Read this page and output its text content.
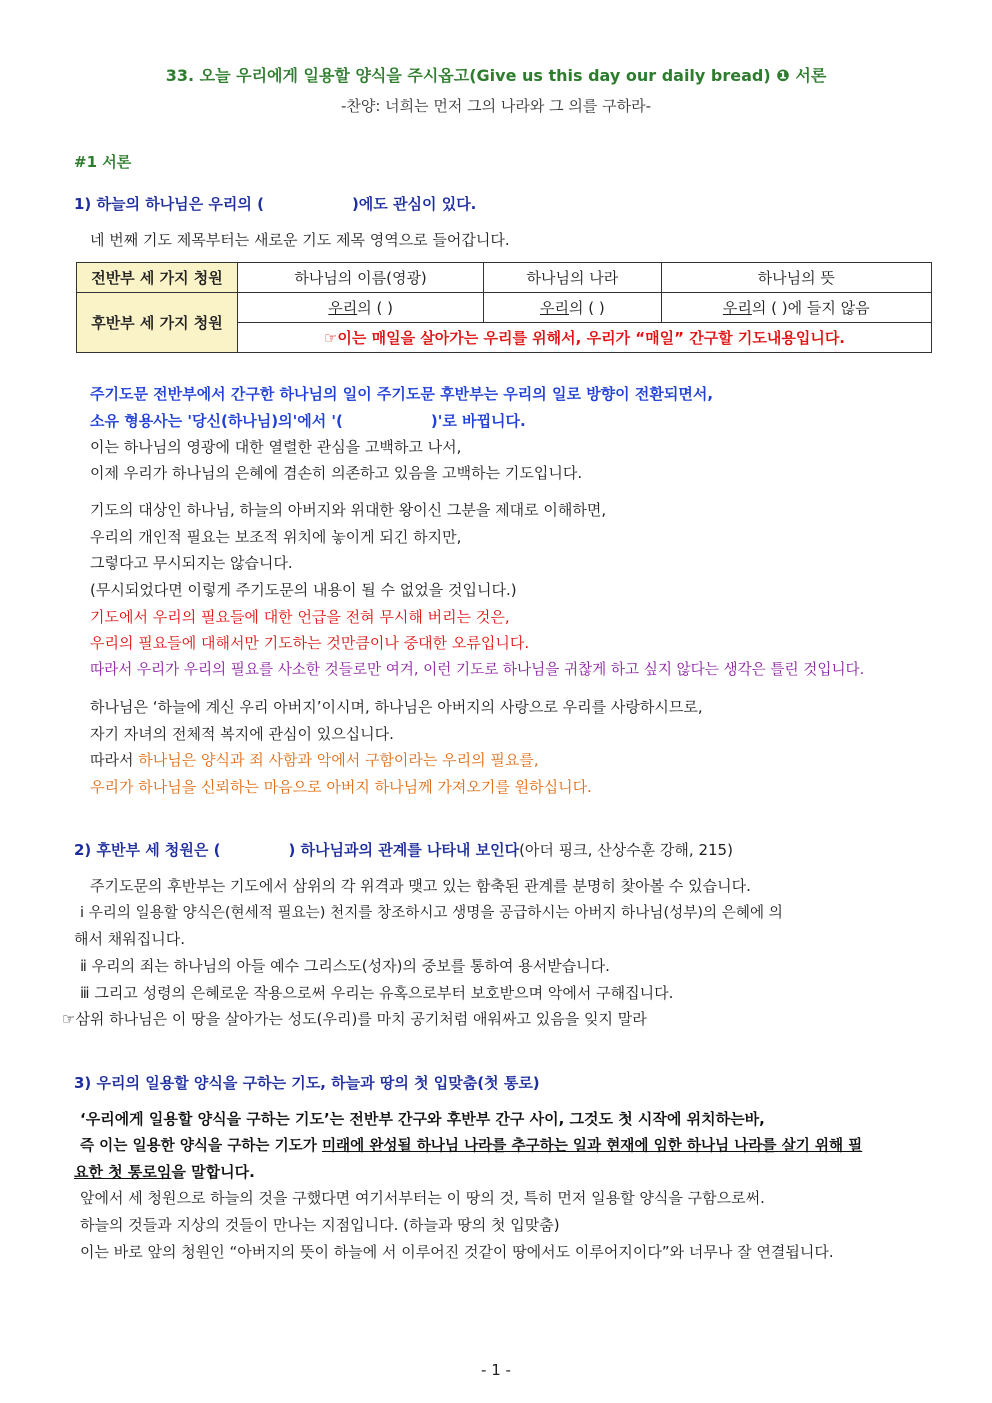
33. 오늘 우리에게 일용할 양식을 주시옵고(Give us this day our daily bread) ❶ 서론
-찬양: 너희는 먼저 그의 나라와 그 의를 구하라-
#1 서론
1) 하늘의 하나님은 우리의 (	)에도 관심이 있다.
네 번째 기도 제목부터는 새로운 기도 제목 영역으로 들어갑니다.
전반부 세 가지 청원	하나님의 이름(영광)	하나님의 나라	하나님의 뜻
후반부 세 가지 청원	우리의 ( )	우리의 ( )	우리의 ( )에 들지 않음
	☞이는 매일을 살아가는 우리를 위해서, 우리가 “매일” 간구할 기도내용입니다.		
주기도문 전반부에서 간구한 하나님의 일이 주기도문 후반부는 우리의 일로 방향이 전환되면서,
소유 형용사는 '당신(하나님)의'에서 '(	)'로 바뀝니다.
이는 하나님의 영광에 대한 열렬한 관심을 고백하고 나서,
이제 우리가 하나님의 은혜에 겸손히 의존하고 있음을 고백하는 기도입니다.
기도의 대상인 하나님, 하늘의 아버지와 위대한 왕이신 그분을 제대로 이해하면,
우리의 개인적 필요는 보조적 위치에 놓이게 되긴 하지만,
그렇다고 무시되지는 않습니다.
(무시되었다면 이렇게 주기도문의 내용이 될 수 없었을 것입니다.)
기도에서 우리의 필요들에 대한 언급을 전혀 무시해 버리는 것은,
우리의 필요들에 대해서만 기도하는 것만큼이나 중대한 오류입니다.
따라서 우리가 우리의 필요를 사소한 것들로만 여겨, 이런 기도로 하나님을 귀찮게 하고 싶지 않다는 생각은 틀린 것입니다.
하나님은 ‘하늘에 계신 우리 아버지’이시며, 하나님은 아버지의 사랑으로 우리를 사랑하시므로,
자기 자녀의 전체적 복지에 관심이 있으십니다.
따라서 하나님은 양식과 죄 사함과 악에서 구함이라는 우리의 필요를,
우리가 하나님을 신뢰하는 마음으로 아버지 하나님께 가져오기를 원하십니다.
2) 후반부 세 청원은 (	) 하나님과의 관계를 나타내 보인다(아더 핑크, 산상수훈 강해, 215)
주기도문의 후반부는 기도에서 삼위의 각 위격과 맺고 있는 함축된 관계를 분명히 찾아볼 수 있습니다.
ⅰ 우리의 일용할 양식은(현세적 필요는) 천지를 창조하시고 생명을 공급하시는 아버지 하나님(성부)의 은혜에 의
해서 채워집니다.
ⅱ 우리의 죄는 하나님의 아들 예수 그리스도(성자)의 중보를 통하여 용서받습니다.
ⅲ 그리고 성령의 은혜로운 작용으로써 우리는 유혹으로부터 보호받으며 악에서 구해집니다.
☞삼위 하나님은 이 땅을 살아가는 성도(우리)를 마치 공기처럼 애워싸고 있음을 잊지 말라
3) 우리의 일용할 양식을 구하는 기도, 하늘과 땅의 첫 입맞춤(첫 통로)
‘우리에게 일용할 양식을 구하는 기도’는 전반부 간구와 후반부 간구 사이, 그것도 첫 시작에 위치하는바,
즉 이는 일용한 양식을 구하는 기도가 미래에 완성될 하나님 나라를 추구하는 일과 현재에 임한 하나님 나라를 살기 위해 필
요한 첫 통로임을 말합니다.
앞에서 세 청원으로 하늘의 것을 구했다면 여기서부터는 이 땅의 것, 특히 먼저 일용할 양식을 구함으로써.
하늘의 것들과 지상의 것들이 만나는 지점입니다. (하늘과 땅의 첫 입맞춤)
이는 바로 앞의 청원인 “아버지의 뜻이 하늘에 서 이루어진 것같이 땅에서도 이루어지이다”와 너무나 잘 연결됩니다.
- 1 -
